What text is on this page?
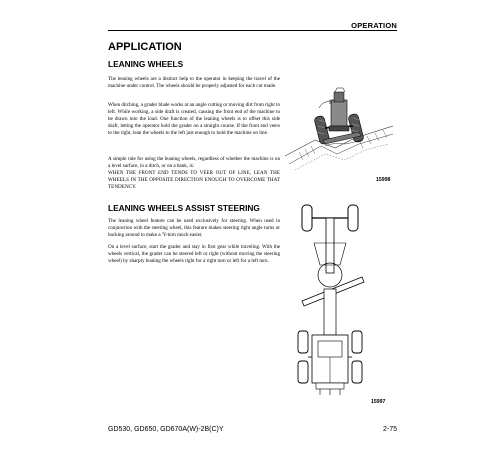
OPERATION
APPLICATION
LEANING WHEELS

The leaning wheels are a distinct help to the operator in keeping the travel of the machine under control. The wheels should be properly adjusted for each cut made.

When ditching, a grader blade works at an angle cutting or moving dirt from right to left. While working, a side draft is created, causing the front end of the machine to be drawn into the load. One function of the leaning wheels is to offset this side draft, letting the operator hold the grader on a straight course. If the front end veers to the right, lean the wheels to the left just enough to hold the machine on line.

A simple rule for using the leaning wheels, regardless of whether the machine is on a level surface, in a ditch, or on a bank, is:

WHEN THE FRONT END TENDS TO VEER OUT OF LINE, LEAN THE WHEELS IN THE OPPOSITE DIRECTION ENOUGH TO OVERCOME THAT TENDENCY.

15998
LEANING WHEELS ASSIST STEERING

The leaning wheel feature can be used exclusively for steering. When used in conjunction with the steering wheel, this feature makes steering right angle turns or backing around to make a 'Y-turn much easier.

On a level surface, start the grader and stay in first gear while traveling. With the wheels vertical, the grader can be steered left or right (without moving the steering wheel) by sharply leaning the wheels right for a right turn or left for a left turn.

15997
GD530, GD650, GD670A(W)-2B(C)Y	2-75
